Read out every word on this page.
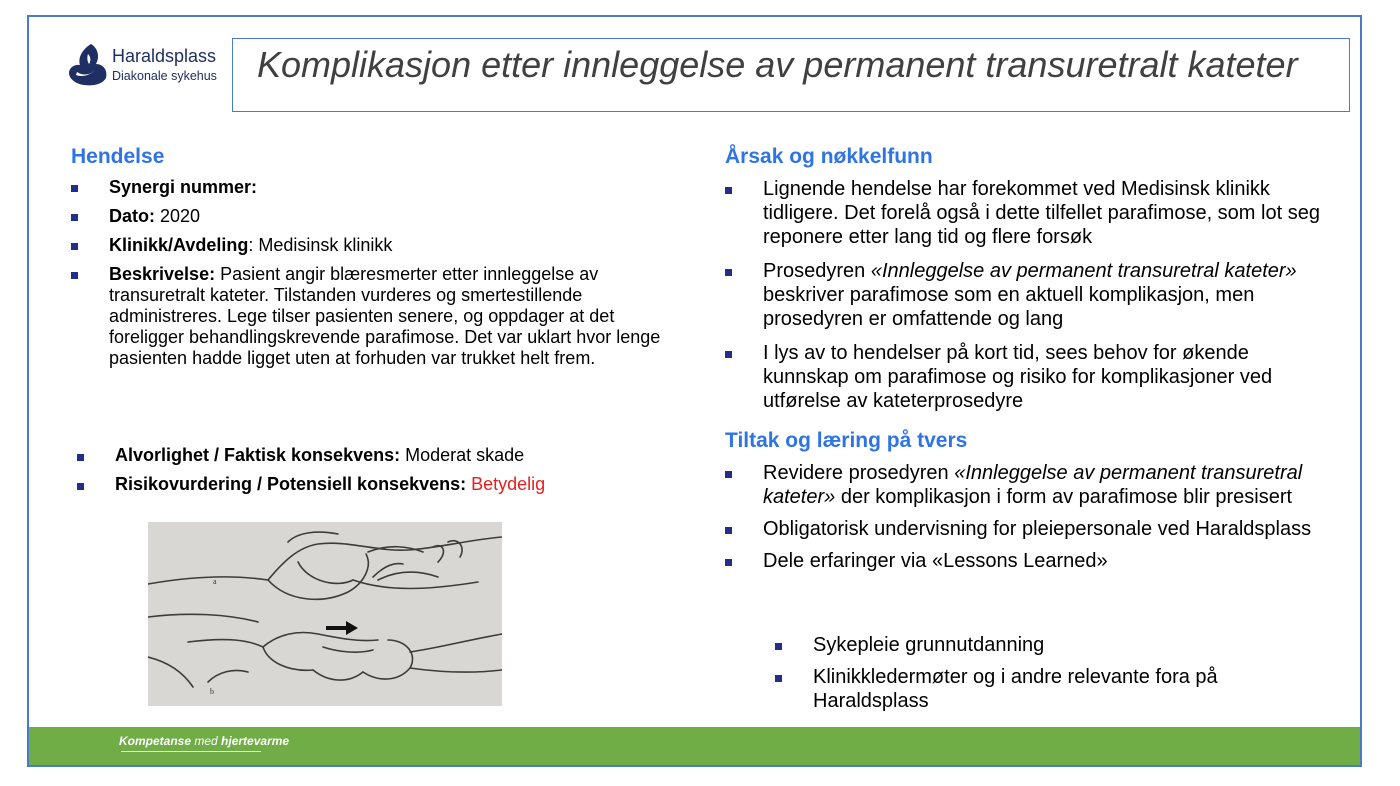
Haraldsplass
Diakonale sykehus Komplikasjon etter innleggelse av permanent transuretralt kateter
Hendelse
Synergi nummer:
Dato: 2020
Klinikk/Avdeling: Medisinsk klinikk
Beskrivelse: Pasient angir blæresmerter etter innleggelse av transuretralt kateter. Tilstanden vurderes og smertestillende administreres. Lege tilser pasienten senere, og oppdager at det foreligger behandlingskrevende parafimose. Det var uklart hvor lenge pasienten hadde ligget uten at forhuden var trukket helt frem.
Alvorlighet / Faktisk konsekvens: Moderat skade
Risikovurdering / Potensiell konsekvens: Betydelig
a
b
Årsak og nøkkelfunn
Lignende hendelse har forekommet ved Medisinsk klinikk tidligere. Det forelå også i dette tilfellet parafimose, som lot seg reponere etter lang tid og flere forsøk
Prosedyren «Innleggelse av permanent transuretral kateter» beskriver parafimose som en aktuell komplikasjon, men prosedyren er omfattende og lang
I lys av to hendelser på kort tid, sees behov for økende kunnskap om parafimose og risiko for komplikasjoner ved utførelse av kateterprosedyre
Tiltak og læring på tvers
Revidere prosedyren «Innleggelse av permanent transuretral kateter» der komplikasjon i form av parafimose blir presisert
Obligatorisk undervisning for pleiepersonale ved Haraldsplass
Dele erfaringer via «Lessons Learned»
Sykepleie grunnutdanning
Klinikkledermøter og i andre relevante fora på Haraldsplass
Kompetanse med hjertevarme
